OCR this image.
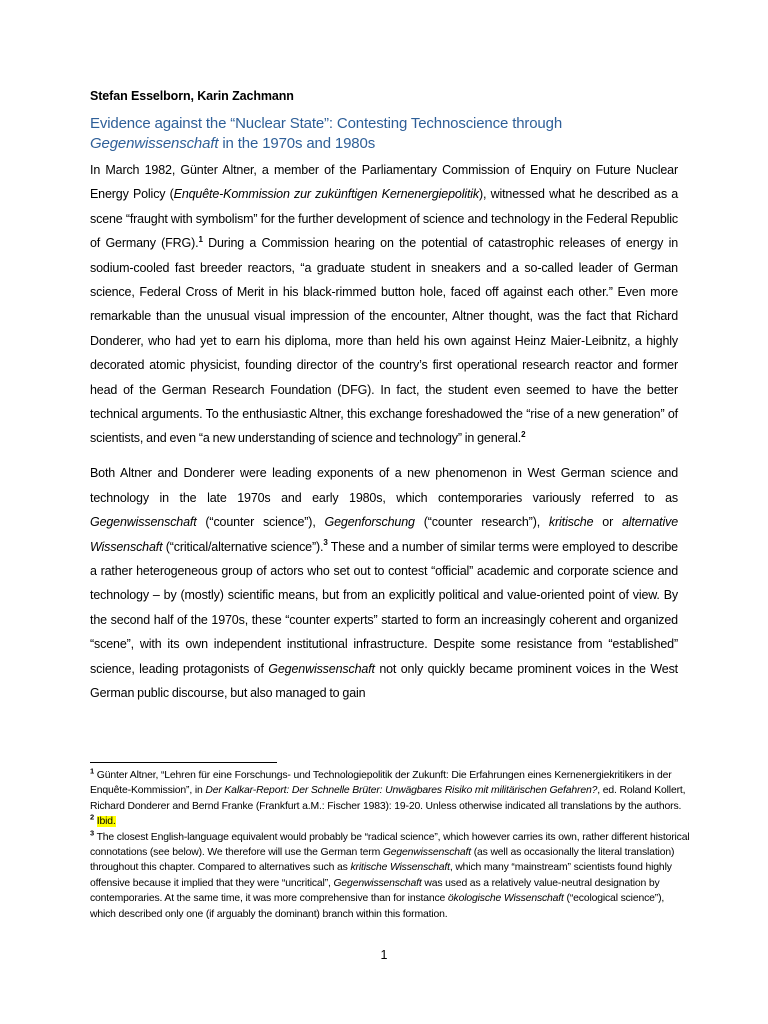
Stefan Esselborn, Karin Zachmann
Evidence against the “Nuclear State”: Contesting Technoscience through
Gegenwissenschaft in the 1970s and 1980s

In March 1982, Günter Altner, a member of the Parliamentary Commission of Enquiry on Future Nuclear Energy Policy (Enquête-Kommission zur zukünftigen Kernenergiepolitik), witnessed what he described as a scene “fraught with symbolism” for the further development of science and technology in the Federal Republic of Germany (FRG).$^1$ During a Commission hearing on the potential of catastrophic releases of energy in sodium-cooled fast breeder reactors, “a graduate student in sneakers and a so-called leader of German science, Federal Cross of Merit in his black-rimmed button hole, faced off against each other.” Even more remarkable than the unusual visual impression of the encounter, Altner thought, was the fact that Richard Donderer, who had yet to earn his diploma, more than held his own against Heinz Maier-Leibnitz, a highly decorated atomic physicist, founding director of the country’s first operational research reactor and former head of the German Research Foundation (DFG). In fact, the student even seemed to have the better technical arguments. To the enthusiastic Altner, this exchange foreshadowed the “rise of a new generation” of scientists, and even “a new understanding of science and technology” in general.$^2$

Both Altner and Donderer were leading exponents of a new phenomenon in West German science and technology in the late 1970s and early 1980s, which contemporaries variously referred to as Gegenwissenschaft (“counter science”), Gegenforschung (“counter research”), kritische or alternative Wissenschaft (“critical/alternative science”).$^3$ These and a number of similar terms were employed to describe a rather heterogeneous group of actors who set out to contest “official” academic and corporate science and technology – by (mostly) scientific means, but from an explicitly political and value-oriented point of view. By the second half of the 1970s, these “counter experts” started to form an increasingly coherent and organized “scene”, with its own independent institutional infrastructure. Despite some resistance from “established” science, leading protagonists of Gegenwissenschaft not only quickly became prominent voices in the West German public discourse, but also managed to gain

$^1$ Günter Altner, “Lehren für eine Forschungs- und Technologiepolitik der Zukunft: Die Erfahrungen eines Kernenergiekritikers in der Enquête-Kommission”, in Der Kalkar-Report: Der Schnelle Brüter: Unwägbares Risiko mit militärischen Gefahren?, ed. Roland Kollert, Richard Donderer and Bernd Franke (Frankfurt a.M.: Fischer 1983): 19-20. Unless otherwise indicated all translations by the authors.

$^2$ Ibid.

$^3$ The closest English-language equivalent would probably be “radical science”, which however carries its own, rather different historical connotations (see below). We therefore will use the German term Gegenwissenschaft (as well as occasionally the literal translation) throughout this chapter. Compared to alternatives such as kritische Wissenschaft, which many “mainstream” scientists found highly offensive because it implied that they were “uncritical”, Gegenwissenschaft was used as a relatively value-neutral designation by contemporaries. At the same time, it was more comprehensive than for instance ökologische Wissenschaft (“ecological science”), which described only one (if arguably the dominant) branch within this formation.

1
